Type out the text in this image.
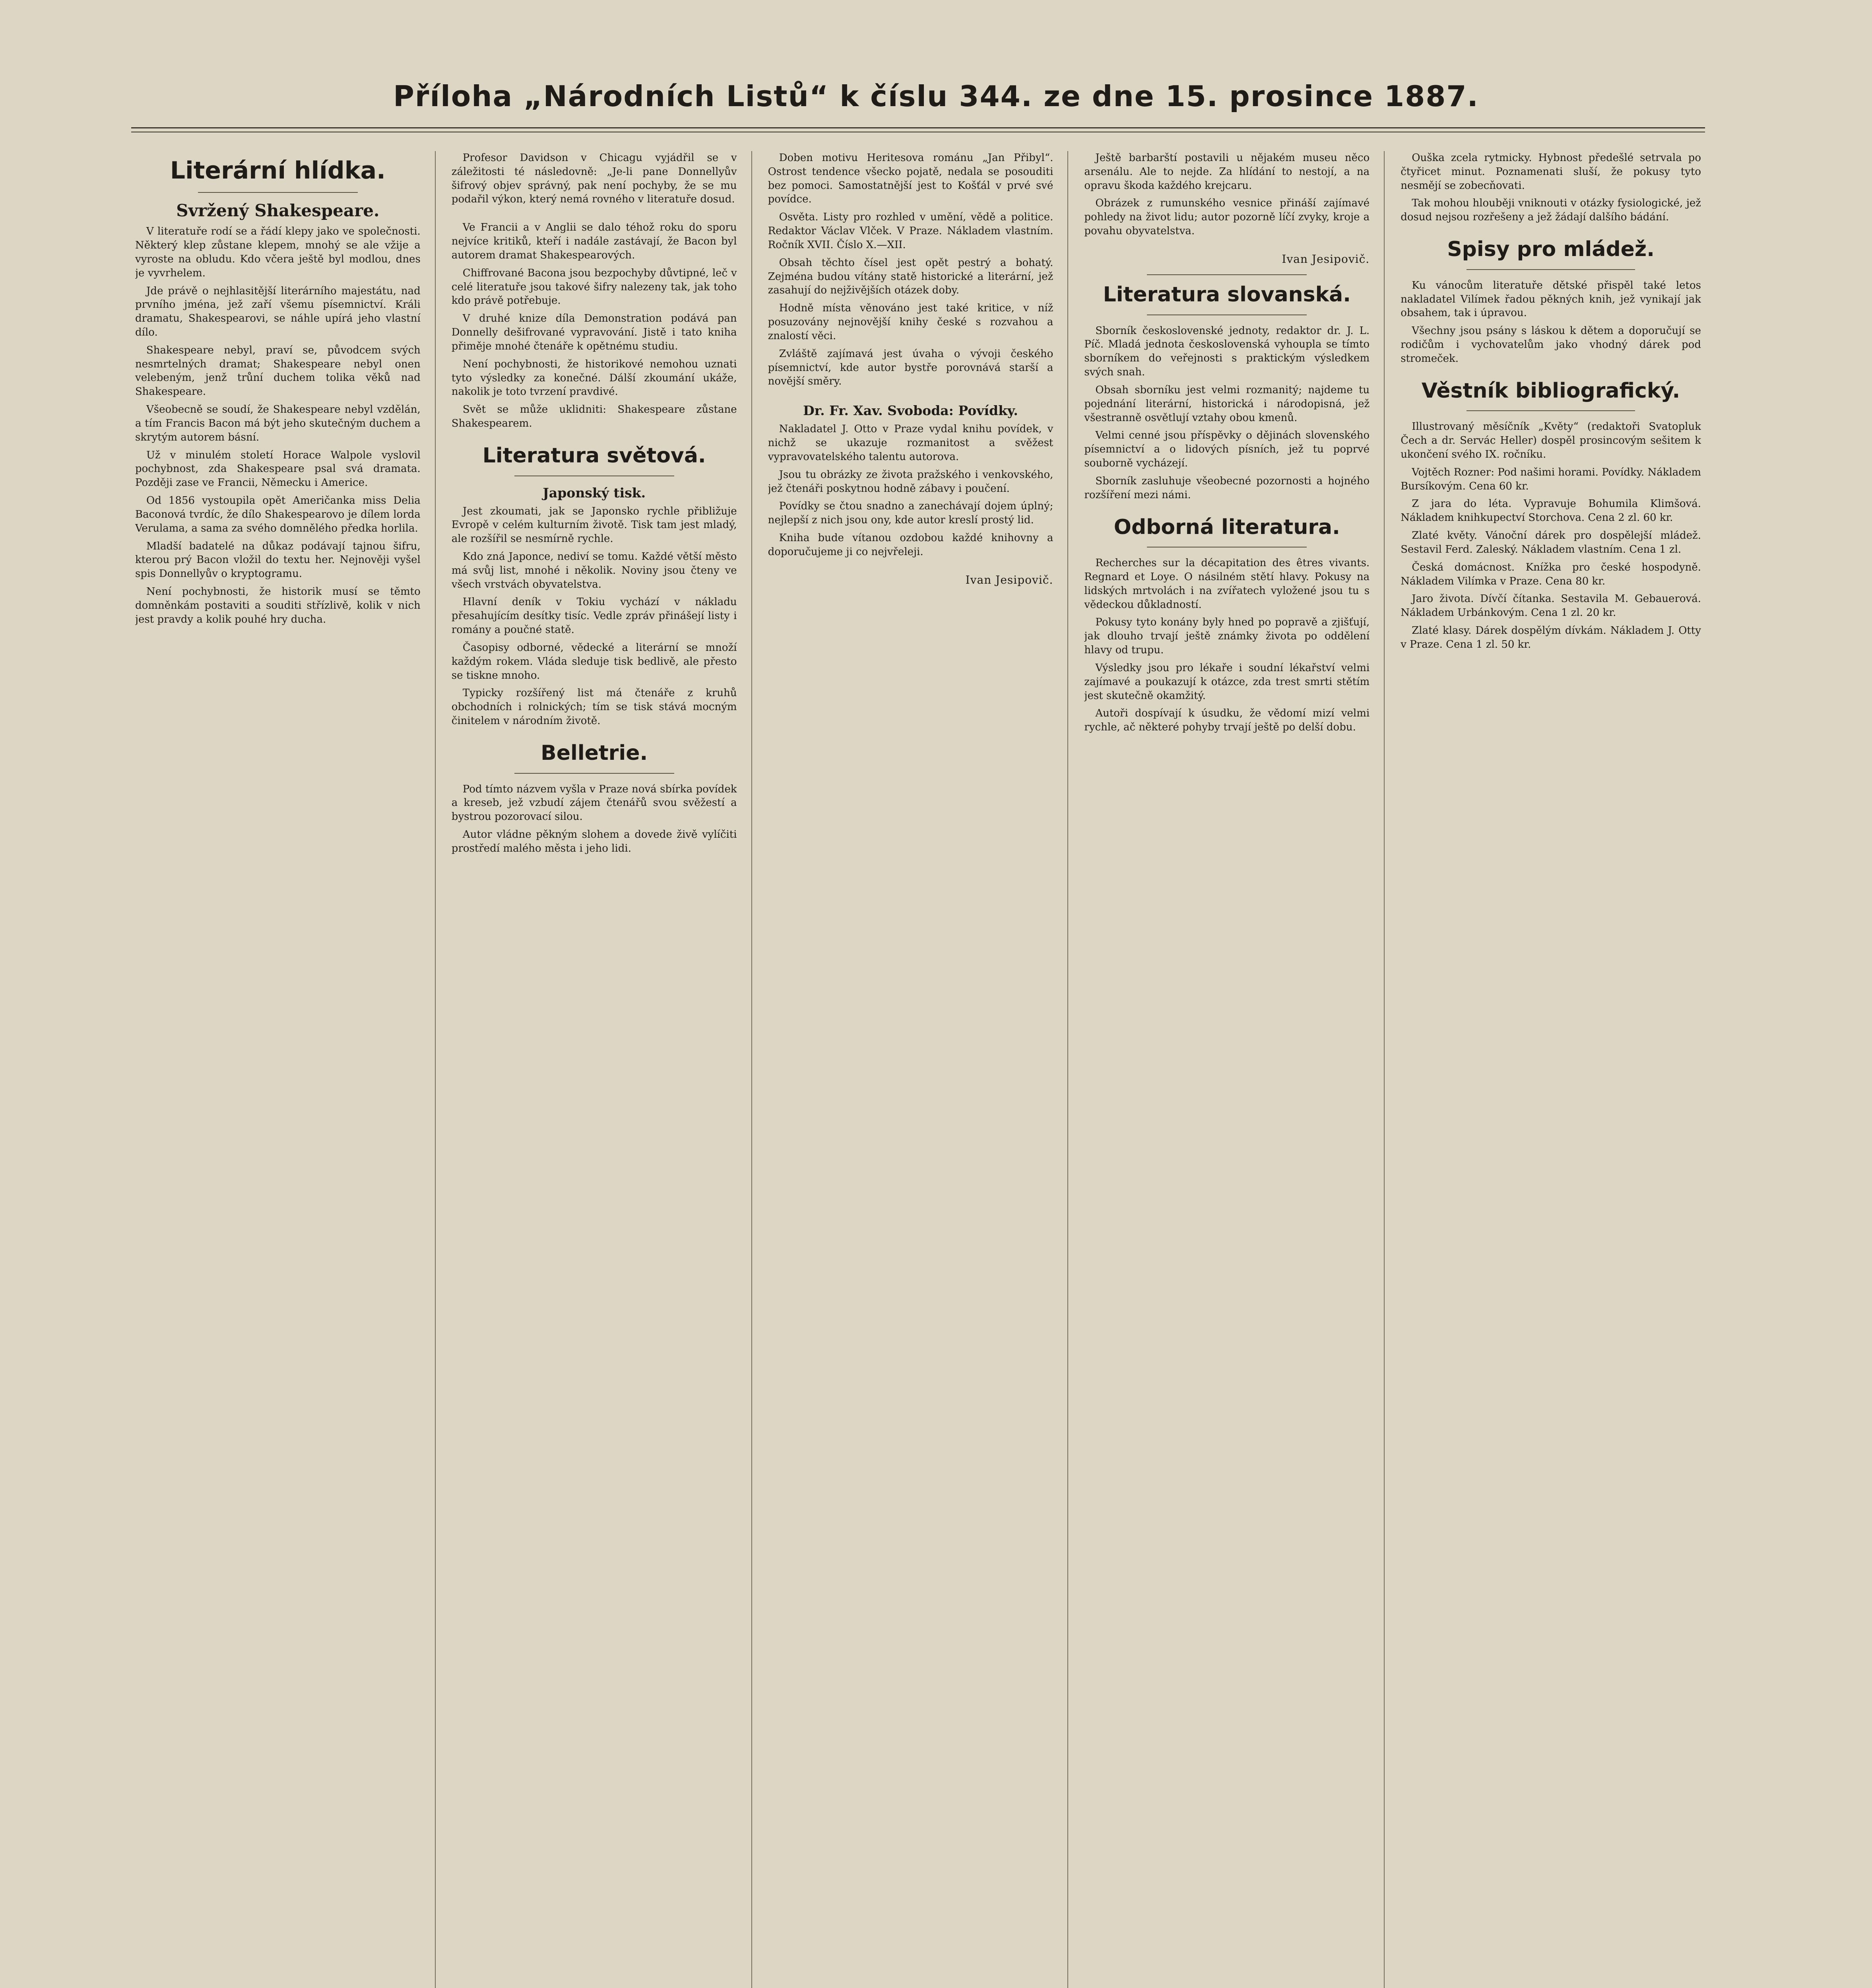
Příloha „Národních Listů“ k číslu 344. ze dne 15. prosince 1887.
Literární hlídka.
Svržený Shakespeare.

V literatuře rodí se a řádí klepy jako ve společnosti. Některý klep zůstane klepem, mnohý se ale vžije a vyroste na obludu. Kdo včera ještě byl modlou, dnes je vyvrhelem.

Jde právě o nejhlasitější literárního majestátu, nad prvního jména, jež zaří všemu písemnictví. Králi dramatu, Shakespearovi, se náhle upírá jeho vlastní dílo.

Shakespeare nebyl, praví se, původcem svých nesmrtelných dramat; Shakespeare nebyl onen velebeným, jenž trůní duchem tolika věků nad Shakespeare.

Všeobecně se soudí, že Shakespeare nebyl vzdělán, a tím Francis Bacon má být jeho skutečným duchem a skrytým autorem básní.

Už v minulém století Horace Walpole vyslovil pochybnost, zda Shakespeare psal svá dramata. Později zase ve Francii, Německu i Americe.

Od 1856 vystoupila opět Američanka miss Delia Baconová tvrdíc, že dílo Shakespearovo je dílem lorda Verulama, a sama za svého domnělého předka horlila.

Mladší badatelé na důkaz podávají tajnou šifru, kterou prý Bacon vložil do textu her. Nejnověji vyšel spis Donnellyův o kryptogramu.

Není pochybnosti, že historik musí se těmto domněnkám postaviti a souditi střízlivě, kolik v nich jest pravdy a kolik pouhé hry ducha.

Profesor Davidson v Chicagu vyjádřil se v záležitosti té následovně: „Je-li pane Donnellyův šifrový objev správný, pak není pochyby, že se mu podařil výkon, který nemá rovného v literatuře dosud.

Ve Francii a v Anglii se dalo téhož roku do sporu nejvíce kritiků, kteří i nadále zastávají, že Bacon byl autorem dramat Shakespearových.

Chiffrované Bacona jsou bezpochyby důvtipné, leč v celé literatuře jsou takové šifry nalezeny tak, jak toho kdo právě potřebuje.

V druhé knize díla Demonstration podává pan Donnelly dešifrované vypravování. Jistě i tato kniha přiměje mnohé čtenáře k opětnému studiu.

Není pochybnosti, že historikové nemohou uznati tyto výsledky za konečné. Dálší zkoumání ukáže, nakolik je toto tvrzení pravdivé.

Svět se může uklidniti: Shakespeare zůstane Shakespearem.

Literatura světová.
Japonský tisk.

Jest zkoumati, jak se Japonsko rychle přibližuje Evropě v celém kulturním životě. Tisk tam jest mladý, ale rozšířil se nesmírně rychle.

Kdo zná Japonce, nediví se tomu. Každé větší město má svůj list, mnohé i několik. Noviny jsou čteny ve všech vrstvách obyvatelstva.

Hlavní deník v Tokiu vychází v nákladu přesahujícím desítky tisíc. Vedle zpráv přinášejí listy i romány a poučné statě.

Časopisy odborné, vědecké a literární se množí každým rokem. Vláda sleduje tisk bedlivě, ale přesto se tiskne mnoho.

Typicky rozšířený list má čtenáře z kruhů obchodních i rolnických; tím se tisk stává mocným činitelem v národním životě.

Belletrie.

Pod tímto názvem vyšla v Praze nová sbírka povídek a kreseb, jež vzbudí zájem čtenářů svou svěžestí a bystrou pozorovací silou.

Autor vládne pěkným slohem a dovede živě vylíčiti prostředí malého města i jeho lidi.

Doben motivu Heritesova románu „Jan Přibyl“. Ostrost tendence všecko pojatě, nedala se posouditi bez pomoci. Samostatnější jest to Košťál v prvé své povídce.

Osvěta. Listy pro rozhled v umění, vědě a politice. Redaktor Václav Vlček. V Praze. Nákladem vlastním. Ročník XVII. Číslo X.—XII.

Obsah těchto čísel jest opět pestrý a bohatý. Zejména budou vítány statě historické a literární, jež zasahují do nejživějších otázek doby.

Hodně místa věnováno jest také kritice, v níž posuzovány nejnovější knihy české s rozvahou a znalostí věci.

Zvláště zajímavá jest úvaha o vývoji českého písemnictví, kde autor bystře porovnává starší a novější směry.

Dr. Fr. Xav. Svoboda: Povídky.

Nakladatel J. Otto v Praze vydal knihu povídek, v nichž se ukazuje rozmanitost a svěžest vypravovatelského talentu autorova.

Jsou tu obrázky ze života pražského i venkovského, jež čtenáři poskytnou hodně zábavy i poučení.

Povídky se čtou snadno a zanechávají dojem úplný; nejlepší z nich jsou ony, kde autor kreslí prostý lid.

Kniha bude vítanou ozdobou každé knihovny a doporučujeme ji co nejvřeleji.

Ivan Jesipovič.

Ještě barbarští postavili u nějakém museu něco arsenálu. Ale to nejde. Za hlídání to nestojí, a na opravu škoda každého krejcaru.

Obrázek z rumunského vesnice přináší zajímavé pohledy na život lidu; autor pozorně líčí zvyky, kroje a povahu obyvatelstva.

Ivan Jesipovič.
Literatura slovanská.

Sborník československé jednoty, redaktor dr. J. L. Píč. Mladá jednota československá vyhoupla se tímto sborníkem do veřejnosti s praktickým výsledkem svých snah.

Obsah sborníku jest velmi rozmanitý; najdeme tu pojednání literární, historická i národopisná, jež všestranně osvětlují vztahy obou kmenů.

Velmi cenné jsou příspěvky o dějinách slovenského písemnictví a o lidových písních, jež tu poprvé souborně vycházejí.

Sborník zasluhuje všeobecné pozornosti a hojného rozšíření mezi námi.

Odborná literatura.

Recherches sur la décapitation des êtres vivants. Regnard et Loye. O násilném stětí hlavy. Pokusy na lidských mrtvolách i na zvířatech vyložené jsou tu s vědeckou důkladností.

Pokusy tyto konány byly hned po popravě a zjišťují, jak dlouho trvají ještě známky života po oddělení hlavy od trupu.

Výsledky jsou pro lékaře i soudní lékařství velmi zajímavé a poukazují k otázce, zda trest smrti stětím jest skutečně okamžitý.

Autoři dospívají k úsudku, že vědomí mizí velmi rychle, ač některé pohyby trvají ještě po delší dobu.

Ouška zcela rytmicky. Hybnost předešlé setrvala po čtyřicet minut. Poznamenati sluší, že pokusy tyto nesmějí se zobecňovati.

Tak mohou hlouběji vniknouti v otázky fysiologické, jež dosud nejsou rozřešeny a jež žádají dalšího bádání.

Spisy pro mládež.

Ku vánocům literatuře dětské přispěl také letos nakladatel Vilímek řadou pěkných knih, jež vynikají jak obsahem, tak i úpravou.

Všechny jsou psány s láskou k dětem a doporučují se rodičům i vychovatelům jako vhodný dárek pod stromeček.

Věstník bibliografický.

Illustrovaný měsíčník „Květy“ (redaktoři Svatopluk Čech a dr. Servác Heller) dospěl prosincovým sešitem k ukončení svého IX. ročníku.

Vojtěch Rozner: Pod našimi horami. Povídky. Nákladem Bursíkovým. Cena 60 kr.

Z jara do léta. Vypravuje Bohumila Klimšová. Nákladem knihkupectví Storchova. Cena 2 zl. 60 kr.

Zlaté květy. Vánoční dárek pro dospělejší mládež. Sestavil Ferd. Zaleský. Nákladem vlastním. Cena 1 zl.

Česká domácnost. Knížka pro české hospodyně. Nákladem Vilímka v Praze. Cena 80 kr.

Jaro života. Dívčí čítanka. Sestavila M. Gebauerová. Nákladem Urbánkovým. Cena 1 zl. 20 kr.

Zlaté klasy. Dárek dospělým dívkám. Nákladem J. Otty v Praze. Cena 1 zl. 50 kr.
